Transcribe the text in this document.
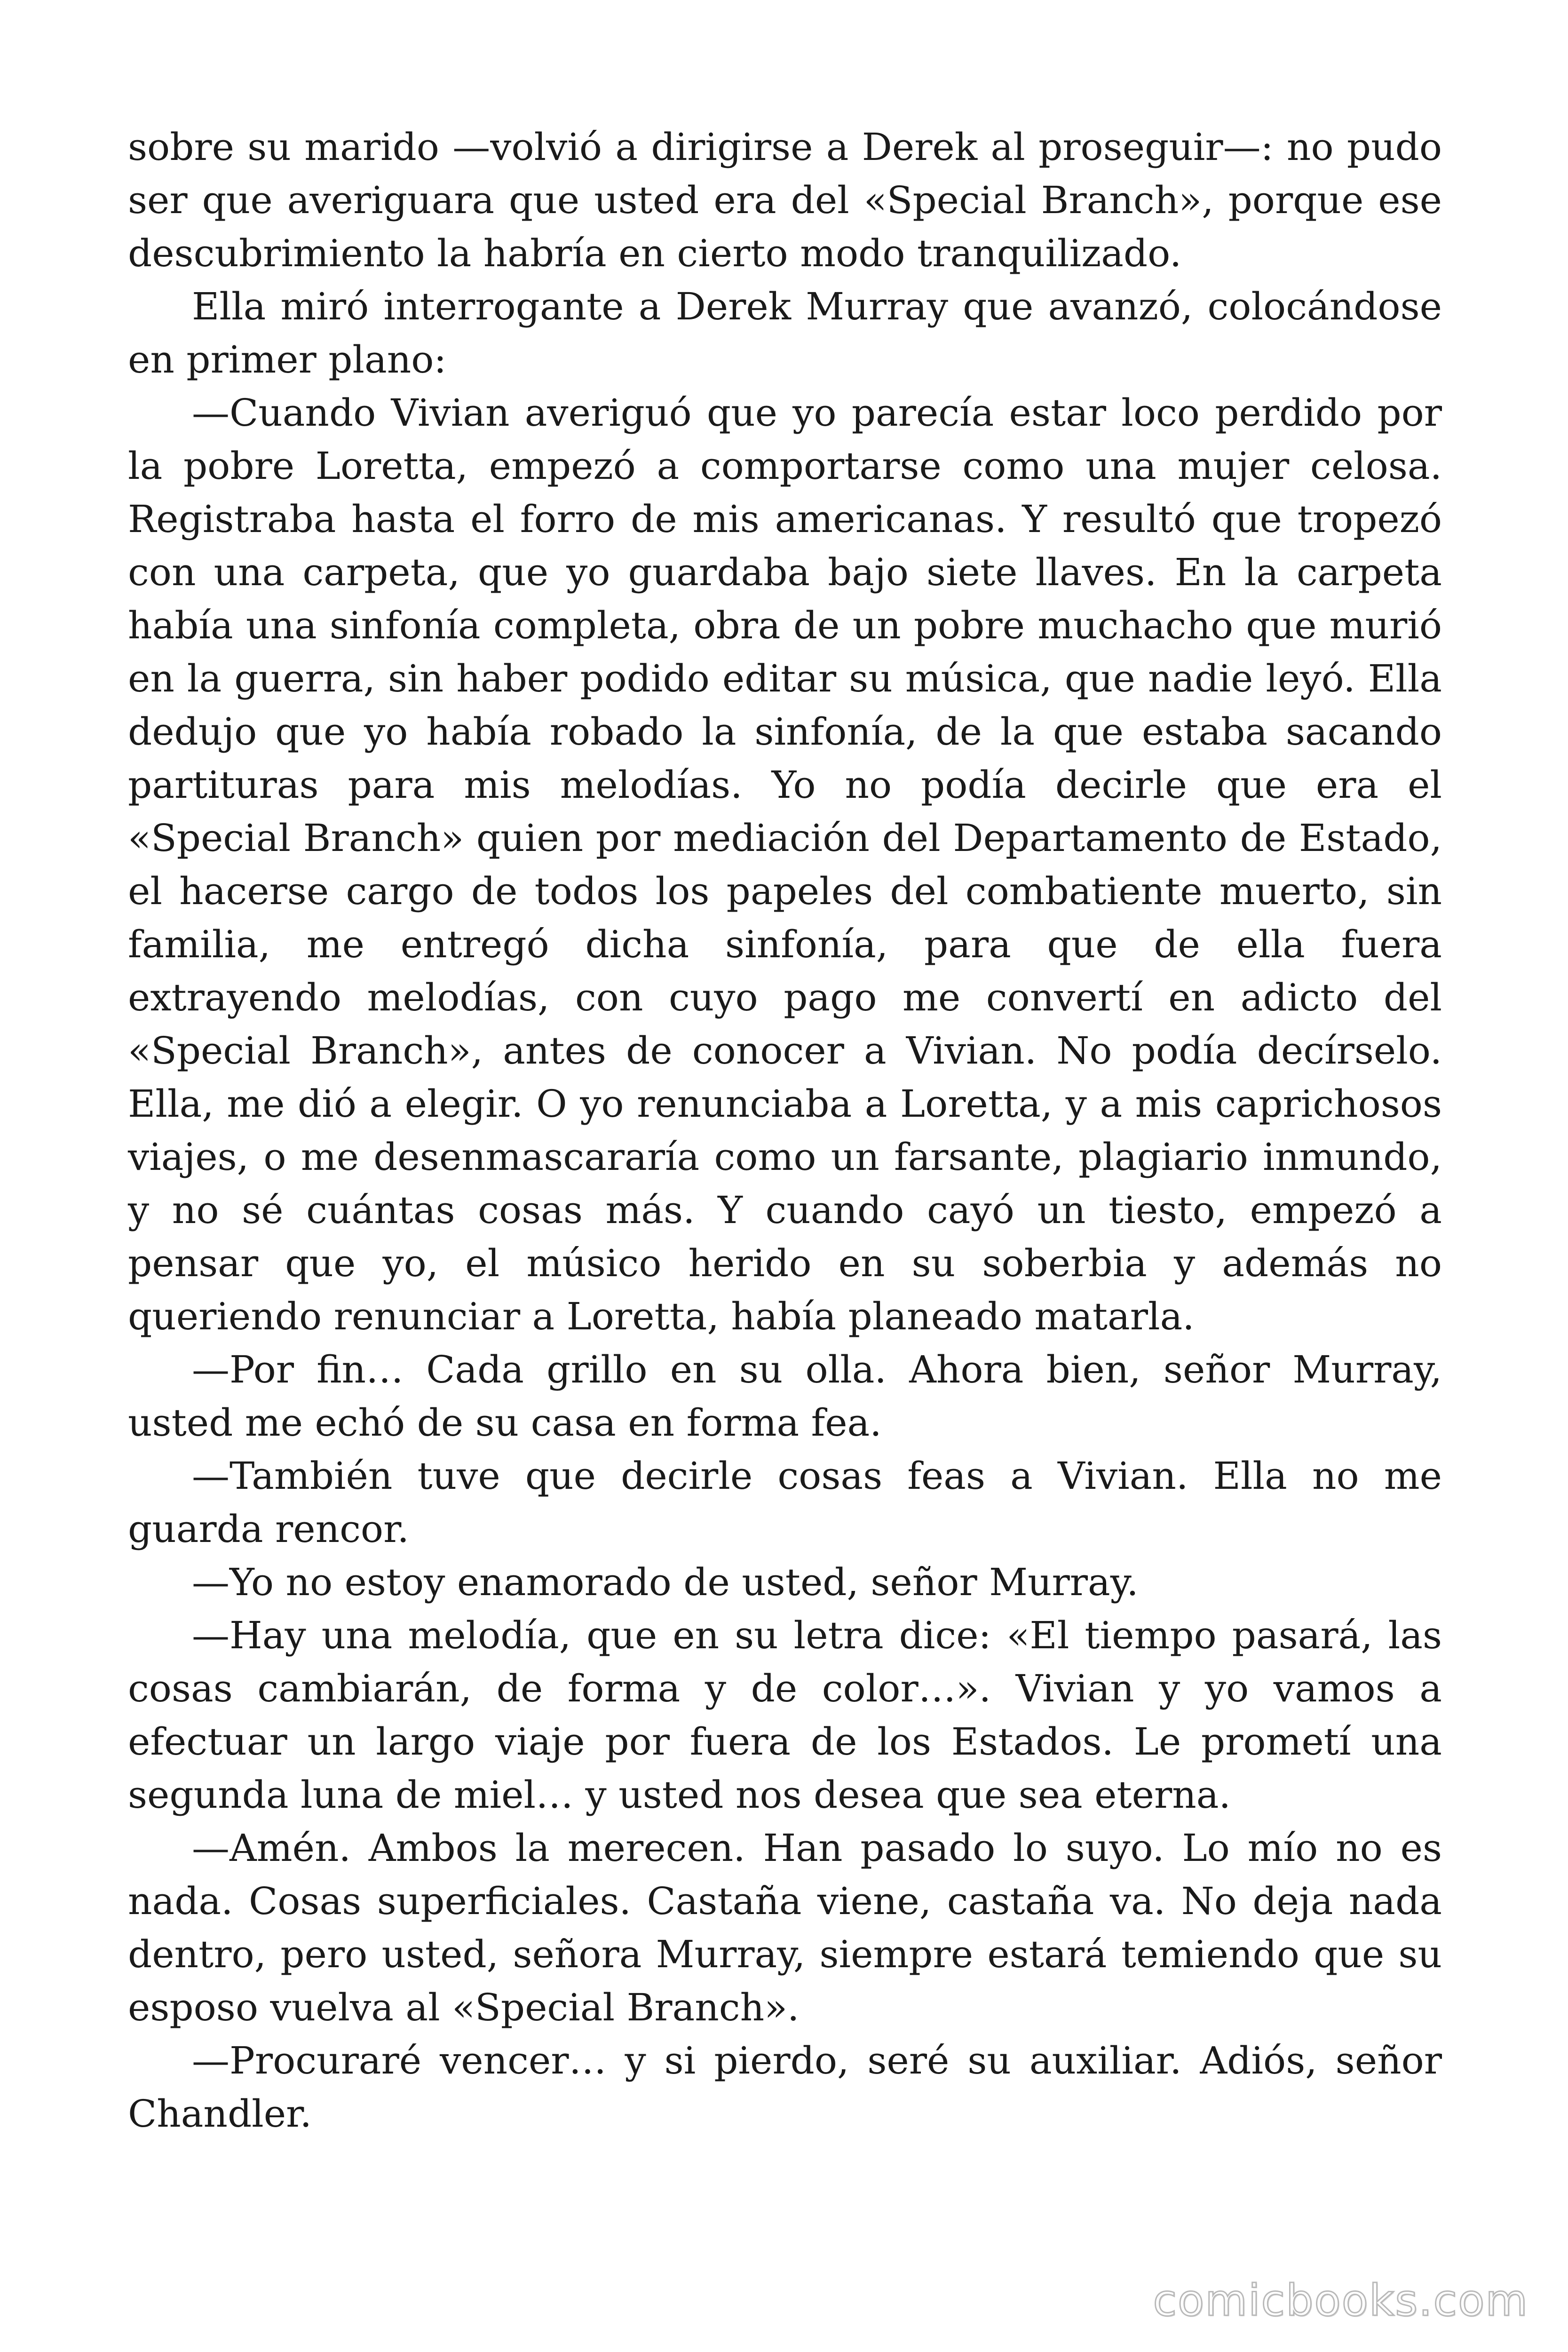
sobre su marido —volvió a dirigirse a Derek al proseguir—: no pudo ser que averiguara que usted era del «Special Branch», porque ese descubrimiento la habría en cierto modo tranquilizado.

Ella miró interrogante a Derek Murray que avanzó, colocándose en primer plano:

—Cuando Vivian averiguó que yo parecía estar loco perdido por la pobre Loretta, empezó a comportarse como una mujer celosa. Registraba hasta el forro de mis americanas. Y resultó que tropezó con una carpeta, que yo guardaba bajo siete llaves. En la carpeta había una sinfonía completa, obra de un pobre muchacho que murió en la guerra, sin haber podido editar su música, que nadie leyó. Ella dedujo que yo había robado la sinfonía, de la que estaba sacando partituras para mis melodías. Yo no podía decirle que era el «Special Branch» quien por mediación del Departamento de Estado, el hacerse cargo de todos los papeles del combatiente muerto, sin familia, me entregó dicha sinfonía, para que de ella fuera extrayendo melodías, con cuyo pago me convertí en adicto del «Special Branch», antes de conocer a Vivian. No podía decírselo. Ella, me dió a elegir. O yo renunciaba a Loretta, y a mis caprichosos viajes, o me desenmascararía como un farsante, plagiario inmundo, y no sé cuántas cosas más. Y cuando cayó un tiesto, empezó a pensar que yo, el músico herido en su soberbia y además no queriendo renunciar a Loretta, había planeado matarla.

—Por fin… Cada grillo en su olla. Ahora bien, señor Murray, usted me echó de su casa en forma fea.

—También tuve que decirle cosas feas a Vivian. Ella no me guarda rencor.

—Yo no estoy enamorado de usted, señor Murray.

—Hay una melodía, que en su letra dice: «El tiempo pasará, las cosas cambiarán, de forma y de color…». Vivian y yo vamos a efectuar un largo viaje por fuera de los Estados. Le prometí una segunda luna de miel… y usted nos desea que sea eterna.

—Amén. Ambos la merecen. Han pasado lo suyo. Lo mío no es nada. Cosas superficiales. Castaña viene, castaña va. No deja nada dentro, pero usted, señora Murray, siempre estará temiendo que su esposo vuelva al «Special Branch».

—Procuraré vencer… y si pierdo, seré su auxiliar. Adiós, señor Chandler.

comicbooks.com
